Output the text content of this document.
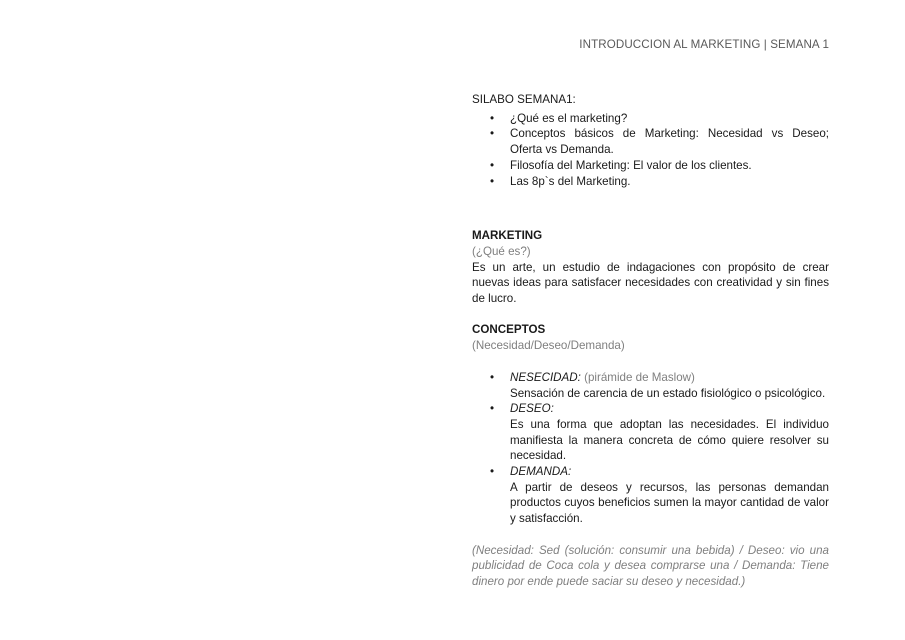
INTRODUCCION AL MARKETING | SEMANA 1

SILABO SEMANA1:

• ¿Qué es el marketing?
• Conceptos básicos de Marketing: Necesidad vs Deseo; Oferta vs Demanda.
• Filosofía del Marketing: El valor de los clientes.
• Las 8p`s del Marketing.

MARKETING

(¿Qué es?)

Es un arte, un estudio de indagaciones con propósito de crear nuevas ideas para satisfacer necesidades con creatividad y sin fines de lucro.

CONCEPTOS

(Necesidad/Deseo/Demanda)

• NESECIDAD: (pirámide de Maslow)
Sensación de carencia de un estado fisiológico o psicológico.
• DESEO:
Es una forma que adoptan las necesidades. El individuo manifiesta la manera concreta de cómo quiere resolver su necesidad.
• DEMANDA:
A partir de deseos y recursos, las personas demandan productos cuyos beneficios sumen la mayor cantidad de valor y satisfacción.

(Necesidad: Sed (solución: consumir una bebida) / Deseo: vio una publicidad de Coca cola y desea comprarse una / Demanda: Tiene dinero por ende puede saciar su deseo y necesidad.)
